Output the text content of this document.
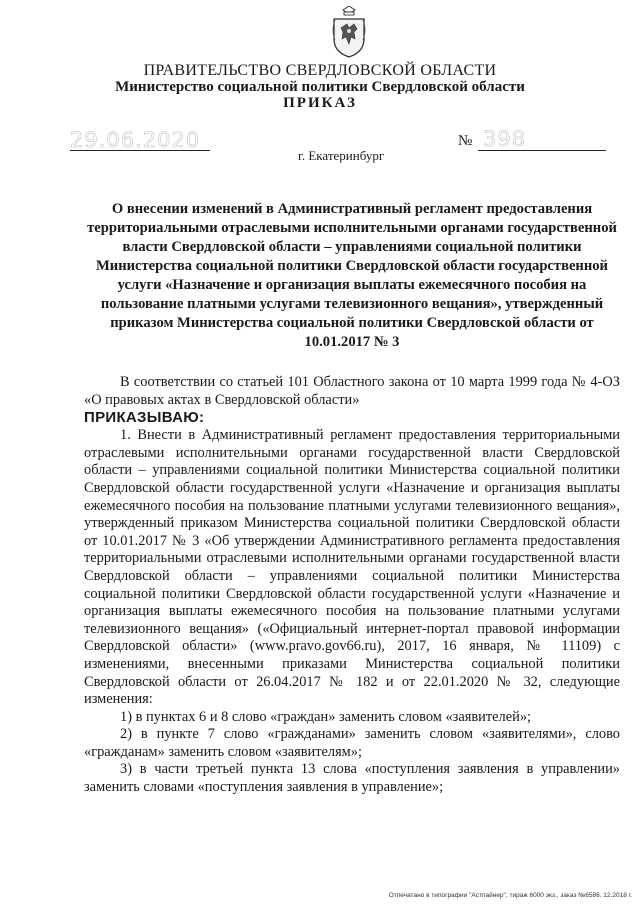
ПРАВИТЕЛЬСТВО СВЕРДЛОВСКОЙ ОБЛАСТИ
Министерство социальной политики Свердловской области
ПРИКАЗ
29.06.2020	№ 398
г. Екатеринбург
О внесении изменений в Административный регламент предоставления территориальными отраслевыми исполнительными органами государственной власти Свердловской области – управлениями социальной политики Министерства социальной политики Свердловской области государственной услуги «Назначение и организация выплаты ежемесячного пособия на пользование платными услугами телевизионного вещания», утвержденный приказом Министерства социальной политики Свердловской области от 10.01.2017 № 3

В соответствии со статьей 101 Областного закона от 10 марта 1999 года № 4-ОЗ «О правовых актах в Свердловской области»

ПРИКАЗЫВАЮ:

1. Внести в Административный регламент предоставления территориальными отраслевыми исполнительными органами государственной власти Свердловской области – управлениями социальной политики Министерства социальной политики Свердловской области государственной услуги «Назначение и организация выплаты ежемесячного пособия на пользование платными услугами телевизионного вещания», утвержденный приказом Министерства социальной политики Свердловской области от 10.01.2017 № 3 «Об утверждении Административного регламента предоставления территориальными отраслевыми исполнительными органами государственной власти Свердловской области – управлениями социальной политики Министерства социальной политики Свердловской области государственной услуги «Назначение и организация выплаты ежемесячного пособия на пользование платными услугами телевизионного вещания» («Официальный интернет-портал правовой информации Свердловской области» (www.pravo.gov66.ru), 2017, 16 января, № 11109) с изменениями, внесенными приказами Министерства социальной политики Свердловской области от 26.04.2017 № 182 и от 22.01.2020 № 32, следующие изменения:

1) в пунктах 6 и 8 слово «граждан» заменить словом «заявителей»;

2) в пункте 7 слово «гражданами» заменить словом «заявителями», слово «гражданам» заменить словом «заявителям»;

3) в части третьей пункта 13 слова «поступления заявления в управлении» заменить словами «поступления заявления в управление»;

Отпечатано в типографии "Астпайнер", тираж 6000 экз., заказ №6586. 12.2018 г.
